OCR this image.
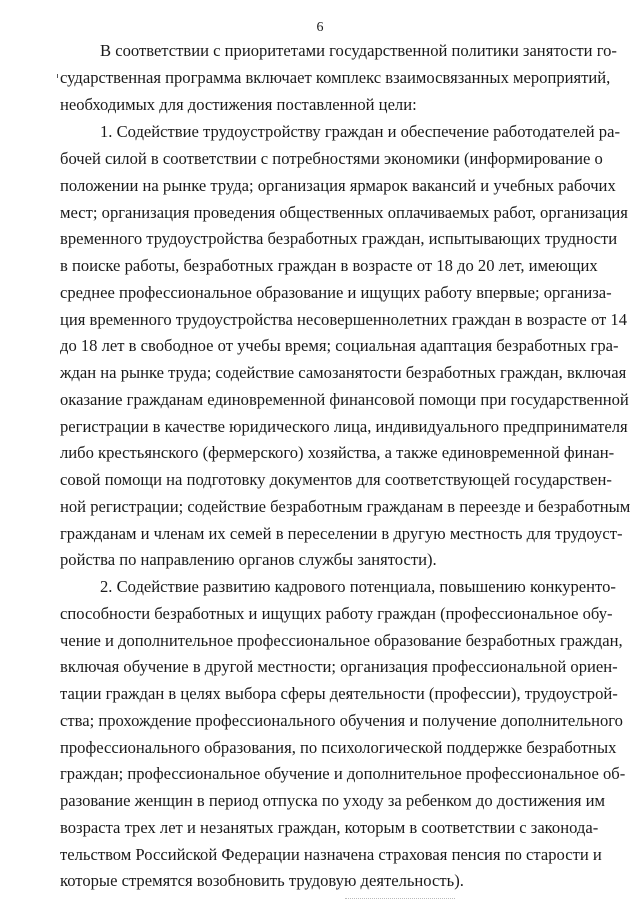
6
В соответствии с приоритетами государственной политики занятости го-
сударственная программа включает комплекс взаимосвязанных мероприятий,
необходимых для достижения поставленной цели:
1. Содействие трудоустройству граждан и обеспечение работодателей ра-
бочей силой в соответствии с потребностями экономики (информирование о
положении на рынке труда; организация ярмарок вакансий и учебных рабочих
мест; организация проведения общественных оплачиваемых работ, организация
временного трудоустройства безработных граждан, испытывающих трудности
в поиске работы, безработных граждан в возрасте от 18 до 20 лет, имеющих
среднее профессиональное образование и ищущих работу впервые; организа-
ция временного трудоустройства несовершеннолетних граждан в возрасте от 14
до 18 лет в свободное от учебы время; социальная адаптация безработных гра-
ждан на рынке труда; содействие самозанятости безработных граждан, включая
оказание гражданам единовременной финансовой помощи при государственной
регистрации в качестве юридического лица, индивидуального предпринимателя
либо крестьянского (фермерского) хозяйства, а также единовременной финан-
совой помощи на подготовку документов для соответствующей государствен-
ной регистрации; содействие безработным гражданам в переезде и безработным
гражданам и членам их семей в переселении в другую местность для трудоуст-
ройства по направлению органов службы занятости).
2. Содействие развитию кадрового потенциала, повышению конкуренто-
способности безработных и ищущих работу граждан (профессиональное обу-
чение и дополнительное профессиональное образование безработных граждан,
включая обучение в другой местности; организация профессиональной ориен-
тации граждан в целях выбора сферы деятельности (профессии), трудоустрой-
ства; прохождение профессионального обучения и получение дополнительного
профессионального образования, по психологической поддержке безработных
граждан; профессиональное обучение и дополнительное профессиональное об-
разование женщин в период отпуска по уходу за ребенком до достижения им
возраста трех лет и незанятых граждан, которым в соответствии с законода-
тельством Российской Федерации назначена страховая пенсия по старости и
которые стремятся возобновить трудовую деятельность).
